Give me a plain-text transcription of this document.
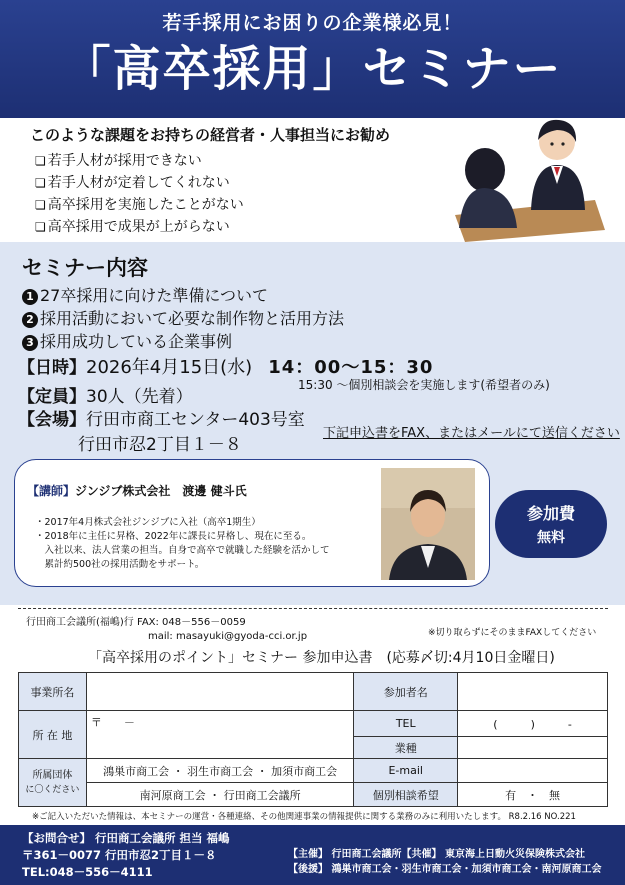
若手採用にお困りの企業様必見！
「高卒採用」セミナー
このような課題をお持ちの経営者・人事担当にお勧め
❏ 若手人材が採用できない
❏ 若手人材が定着してくれない
❏ 高卒採用を実施したことがない
❏ 高卒採用で成果が上がらない
セミナー内容
1 27卒採用に向けた準備について
2 採用活動において必要な制作物と活用方法
3 採用成功している企業事例
【日時】2026年4月15日(水) 14：00～15：30
15:30 ～個別相談会を実施します(希望者のみ)
【定員】30人（先着）
【会場】行田市商工センター403号室
行田市忍2丁目１－８
下記申込書をFAX、またはメールにて送信ください
【講師】ジンジブ株式会社　渡邊 健斗氏
・2017年4月株式会社ジンジブに入社（高卒1期生）
・2018年に主任に昇格、2022年に課長に昇格し、現在に至る。
　入社以来、法人営業の担当。自身で高卒で就職した経験を活かして
　累計約500社の採用活動をサポート。
参加費
無料
行田商工会議所(福嶋)行 FAX: 048－556－0059
mail: masayuki@gyoda-cci.or.jp	※切り取らずにそのままFAXしてください
「高卒採用のポイント」セミナー 参加申込書　(応募〆切:4月10日金曜日)
事業所名		参加者名	
所 在 地	〒　　－	TEL	(　　　)　　　-
		業種	

所属団体
に〇ください	鴻巣市商工会 ・ 羽生市商工会 ・ 加須市商工会	E-mail	
	南河原商工会 ・ 行田商工会議所	個別相談希望	有　・　無
※ご記入いただいた情報は、本セミナーの運営・各種連絡、その他関連事業の情報提供に関する業務のみに利用いたします。 R8.2.16 NO.221
【お問合せ】 行田商工会議所 担当 福嶋
〒361－0077 行田市忍2丁目１－８
TEL:048－556－4111
【主催】 行田商工会議所【共催】 東京海上日動火災保険株式会社
【後援】 鴻巣市商工会・羽生市商工会・加須市商工会・南河原商工会
